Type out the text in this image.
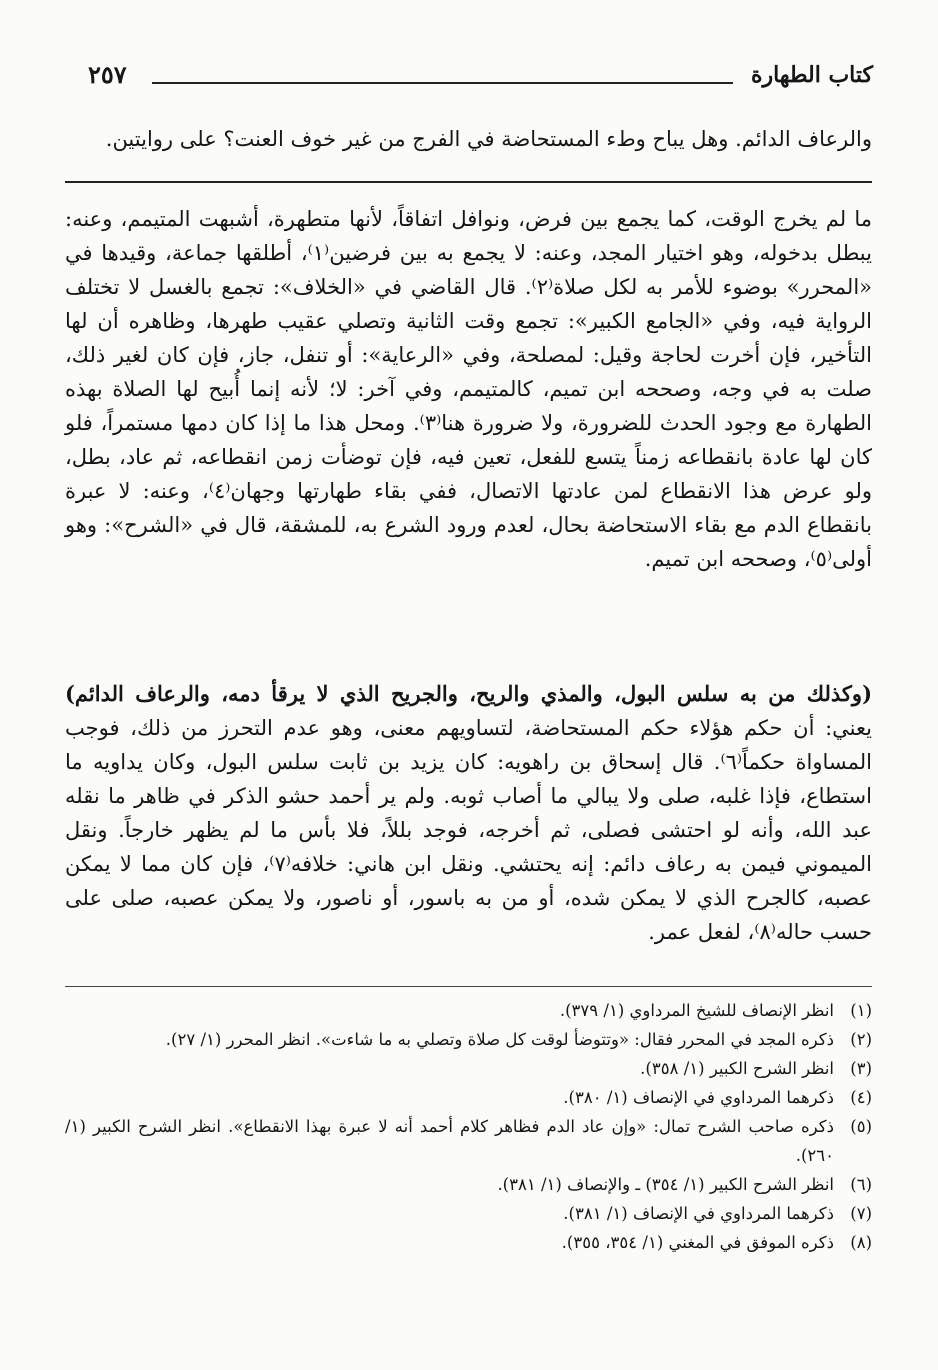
كتاب الطهارة
٢٥٧

والرعاف الدائم. وهل يباح وطء المستحاضة في الفرج من غير خوف العنت؟ على روايتين.

ما لم يخرج الوقت، كما يجمع بين فرض، ونوافل اتفاقاً، لأنها متطهرة، أشبهت المتيمم، وعنه: يبطل بدخوله، وهو اختيار المجد، وعنه: لا يجمع به بين فرضين⁽١⁾، أطلقها جماعة، وقيدها في «المحرر» بوضوء للأمر به لكل صلاة⁽٢⁾. قال القاضي في «الخلاف»: تجمع بالغسل لا تختلف الرواية فيه، وفي «الجامع الكبير»: تجمع وقت الثانية وتصلي عقيب طهرها، وظاهره أن لها التأخير، فإن أخرت لحاجة وقيل: لمصلحة، وفي «الرعاية»: أو تنفل، جاز، فإن كان لغير ذلك، صلت به في وجه، وصححه ابن تميم، كالمتيمم، وفي آخر: لا؛ لأنه إنما أُبيح لها الصلاة بهذه الطهارة مع وجود الحدث للضرورة، ولا ضرورة هنا⁽٣⁾. ومحل هذا ما إذا كان دمها مستمراً، فلو كان لها عادة بانقطاعه زمناً يتسع للفعل، تعين فيه، فإن توضأت زمن انقطاعه، ثم عاد، بطل، ولو عرض هذا الانقطاع لمن عادتها الاتصال، ففي بقاء طهارتها وجهان⁽٤⁾، وعنه: لا عبرة بانقطاع الدم مع بقاء الاستحاضة بحال، لعدم ورود الشرع به، للمشقة، قال في «الشرح»: وهو أولى⁽٥⁾، وصححه ابن تميم.

(وكذلك من به سلس البول، والمذي والريح، والجريح الذي لا يرقأ دمه، والرعاف الدائم) يعني: أن حكم هؤلاء حكم المستحاضة، لتساويهم معنى، وهو عدم التحرز من ذلك، فوجب المساواة حكماً⁽٦⁾. قال إسحاق بن راهويه: كان يزيد بن ثابت سلس البول، وكان يداويه ما استطاع، فإذا غلبه، صلى ولا يبالي ما أصاب ثوبه. ولم ير أحمد حشو الذكر في ظاهر ما نقله عبد الله، وأنه لو احتشى فصلى، ثم أخرجه، فوجد بللاً، فلا بأس ما لم يظهر خارجاً. ونقل الميموني فيمن به رعاف دائم: إنه يحتشي. ونقل ابن هاني: خلافه⁽٧⁾، فإن كان مما لا يمكن عصبه، كالجرح الذي لا يمكن شده، أو من به باسور، أو ناصور، ولا يمكن عصبه، صلى على حسب حاله⁽٨⁾، لفعل عمر.

(١)
انظر الإنصاف للشيخ المرداوي (١/ ٣٧٩).
(٢)
ذكره المجد في المحرر فقال: «وتتوضأ لوقت كل صلاة وتصلي به ما شاءت». انظر المحرر (١/ ٢٧).
(٣)
انظر الشرح الكبير (١/ ٣٥٨).
(٤)
ذكرهما المرداوي في الإنصاف (١/ ٣٨٠).
(٥)
ذكره صاحب الشرح تمال: «وإن عاد الدم فظاهر كلام أحمد أنه لا عبرة بهذا الانقطاع». انظر الشرح الكبير (١/ ٢٦٠).
(٦)
انظر الشرح الكبير (١/ ٣٥٤) ـ والإنصاف (١/ ٣٨١).
(٧)
ذكرهما المرداوي في الإنصاف (١/ ٣٨١).
(٨)
ذكره الموفق في المغني (١/ ٣٥٤، ٣٥٥).
